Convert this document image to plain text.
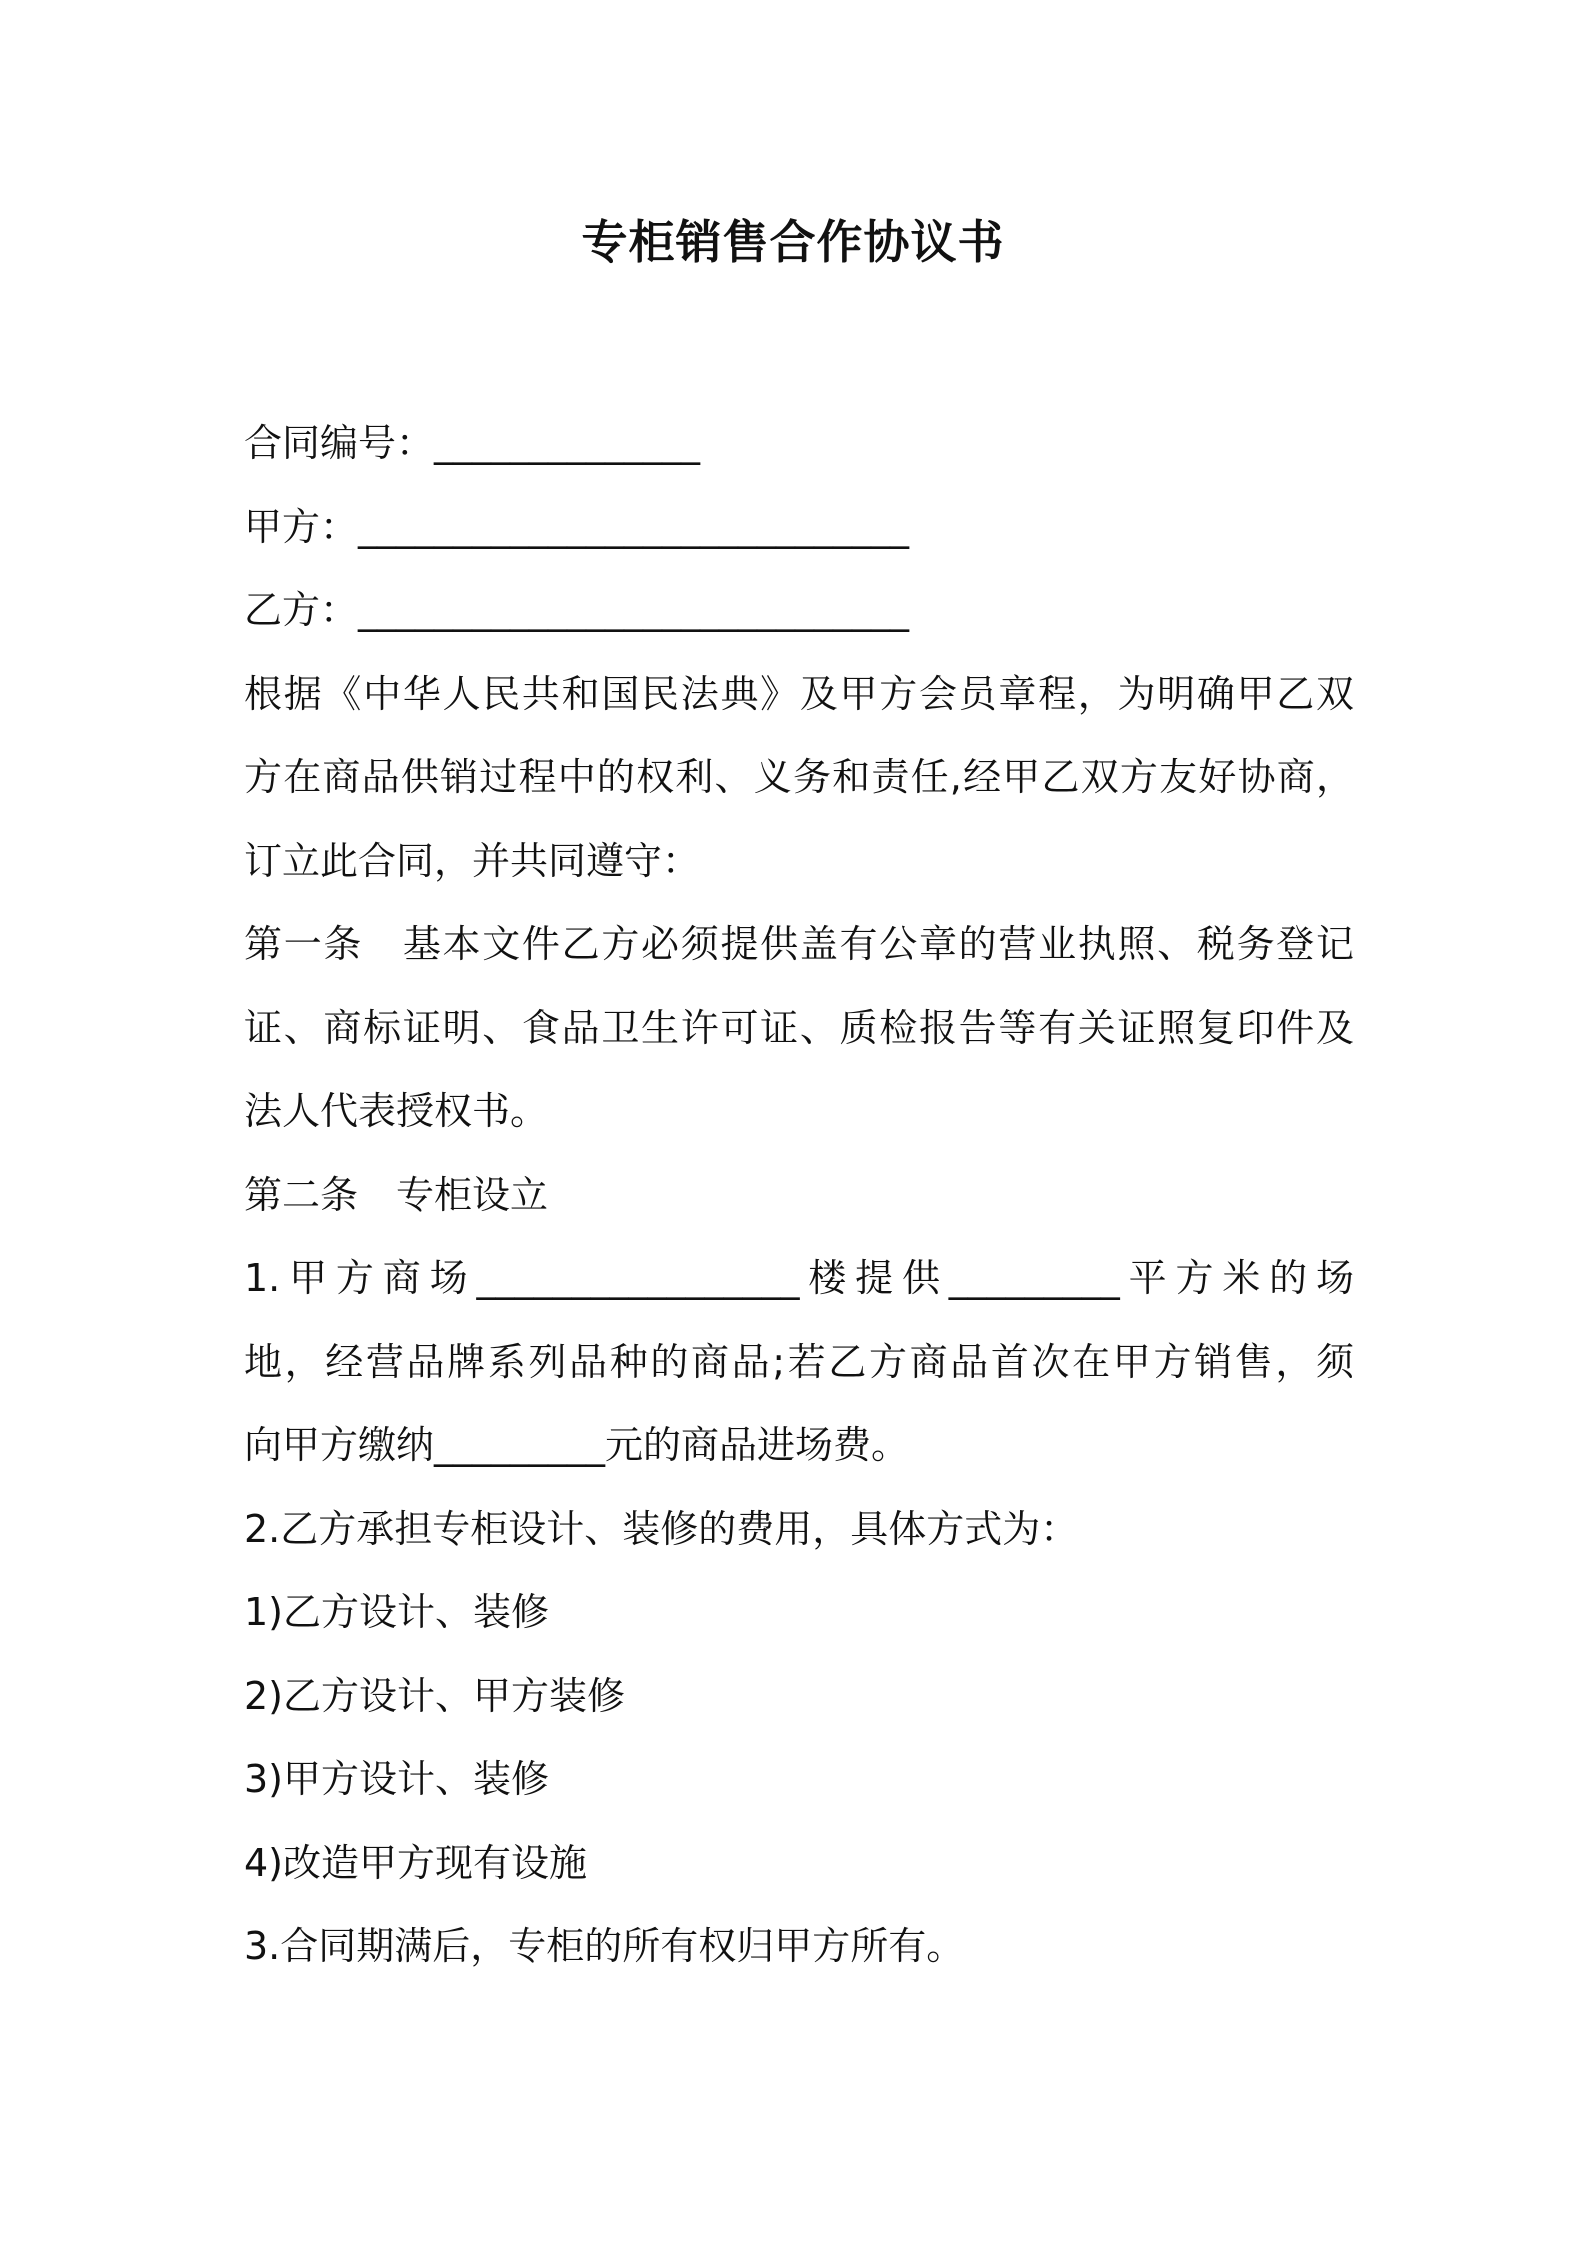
专柜销售合作协议书
合同编号：______________
甲方：_____________________________
乙方：_____________________________
根据《中华人民共和国民法典》及甲方会员章程，为明确甲乙双
方在商品供销过程中的权利、义务和责任,经甲乙双方友好协商，
订立此合同，并共同遵守：
第一条　基本文件乙方必须提供盖有公章的营业执照、税务登记
证、商标证明、食品卫生许可证、质检报告等有关证照复印件及
法人代表授权书。
第二条　专柜设立
1.甲方商场_________________楼提供_________平方米的场
地，经营品牌系列品种的商品;若乙方商品首次在甲方销售，须
向甲方缴纳_________元的商品进场费。
2.乙方承担专柜设计、装修的费用，具体方式为：
1)乙方设计、装修
2)乙方设计、甲方装修
3)甲方设计、装修
4)改造甲方现有设施
3.合同期满后，专柜的所有权归甲方所有。
